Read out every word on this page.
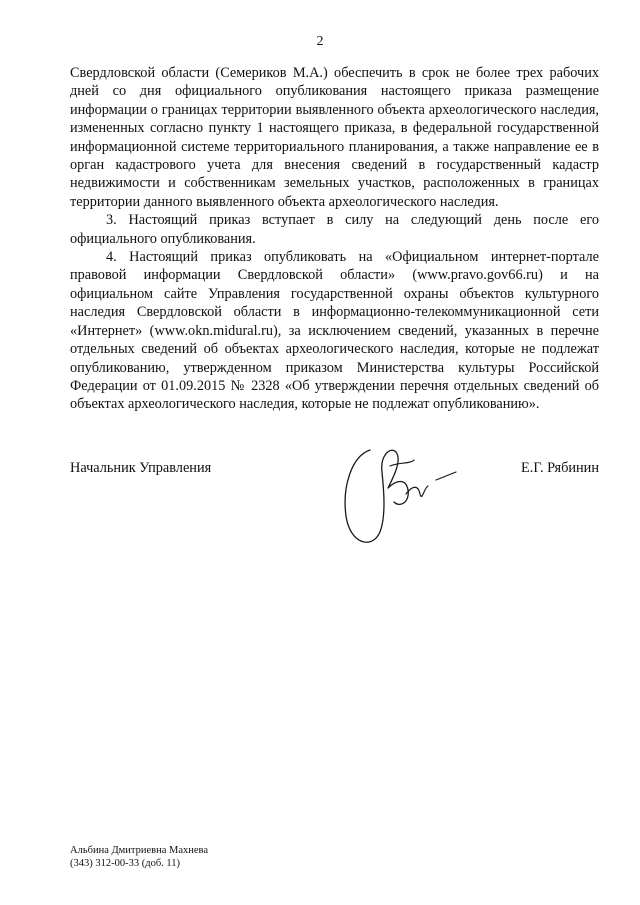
2

Свердловской области (Семериков М.А.) обеспечить в срок не более трех рабочих дней со дня официального опубликования настоящего приказа размещение информации о границах территории выявленного объекта археологического наследия, измененных согласно пункту 1 настоящего приказа, в федеральной государственной информационной системе территориального планирования, а также направление ее в орган кадастрового учета для внесения сведений в государственный кадастр недвижимости и собственникам земельных участков, расположенных в границах территории данного выявленного объекта археологического наследия.

3. Настоящий приказ вступает в силу на следующий день после его официального опубликования.

4. Настоящий приказ опубликовать на «Официальном интернет-портале правовой информации Свердловской области» (www.pravo.gov66.ru) и на официальном сайте Управления государственной охраны объектов культурного наследия Свердловской области в информационно-телекоммуникационной сети «Интернет» (www.okn.midural.ru), за исключением сведений, указанных в перечне отдельных сведений об объектах археологического наследия, которые не подлежат опубликованию, утвержденном приказом Министерства культуры Российской Федерации от 01.09.2015 № 2328 «Об утверждении перечня отдельных сведений об объектах археологического наследия, которые не подлежат опубликованию».

Начальник Управления	Е.Г. Рябинин
Альбина Дмитриевна Махнева
(343) 312-00-33 (доб. 11)
